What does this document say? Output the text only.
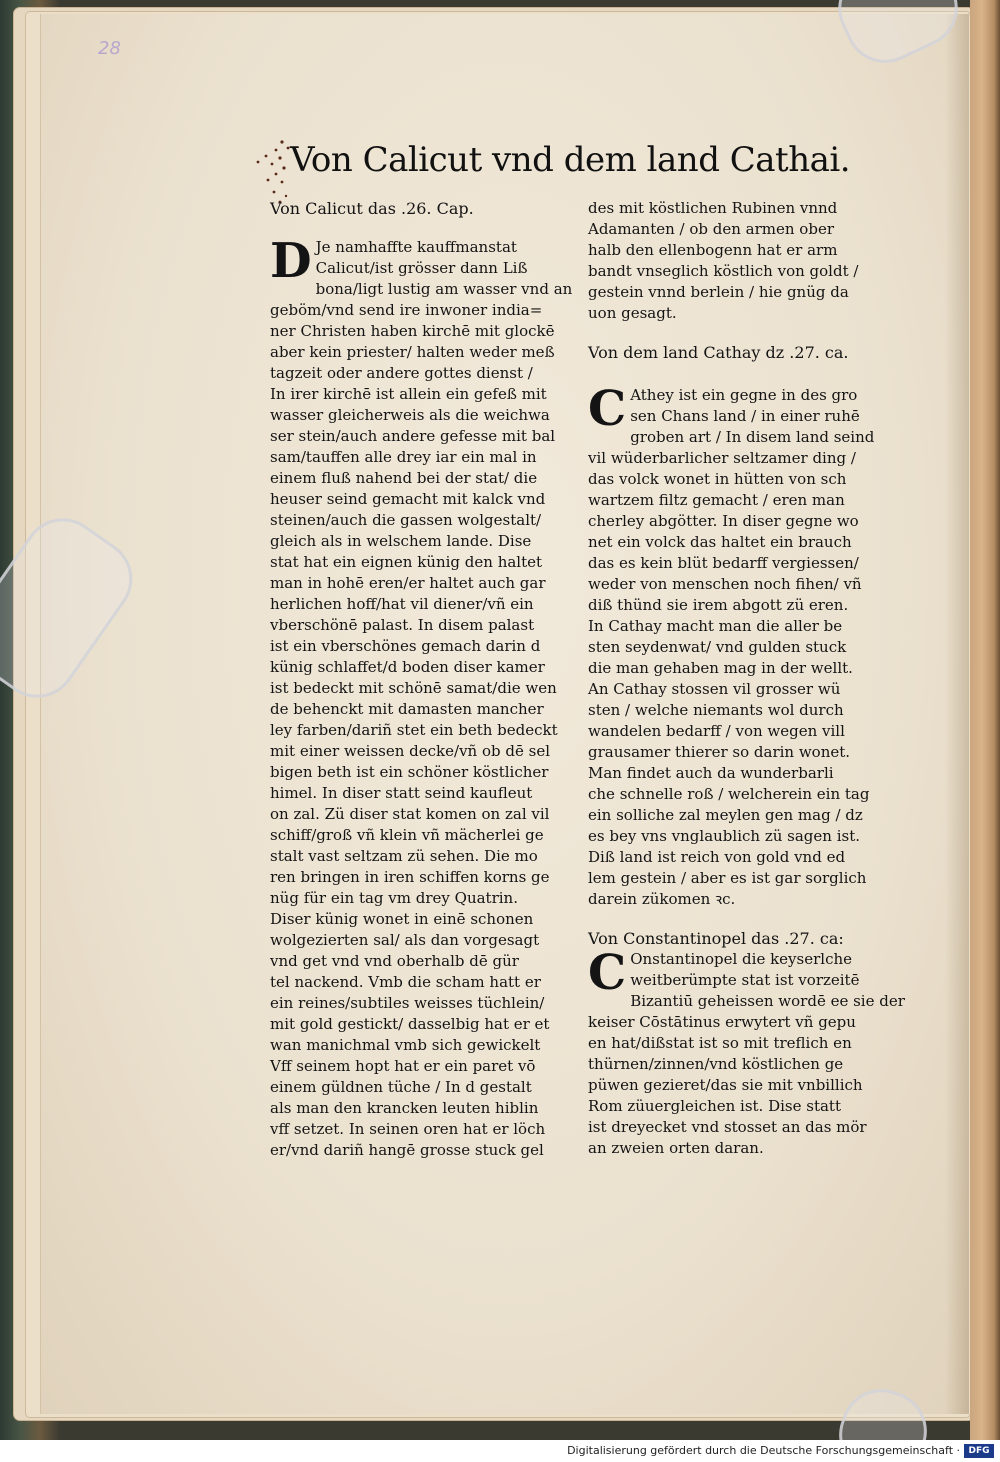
28
Von Calicut vnd dem land Cathai.
Von Calicut das .26. Cap.
D Je namhaffte kauffmanstat
Calicut/ist grösser dann Liß
bona/ligt lustig am wasser vnd an
geböm/vnd send ire inwoner india=
ner Christen haben kirchē mit glockē
aber kein priester/ halten weder meß
tagzeit oder andere gottes dienst /
In irer kirchē ist allein ein gefeß mit
wasser gleicherweis als die weichwa
ser stein/auch andere gefesse mit bal
sam/tauffen alle drey iar ein mal in
einem fluß nahend bei der stat/ die
heuser seind gemacht mit kalck vnd
steinen/auch die gassen wolgestalt/
gleich als in welschem lande. Dise
stat hat ein eignen künig den haltet
man in hohē eren/er haltet auch gar
herlichen hoff/hat vil diener/vñ ein
vberschönē palast. In disem palast
ist ein vberschönes gemach darin d
künig schlaffet/d boden diser kamer
ist bedeckt mit schönē samat/die wen
de behenckt mit damasten mancher
ley farben/dariñ stet ein beth bedeckt
mit einer weissen decke/vñ ob dē sel
bigen beth ist ein schöner köstlicher
himel. In diser statt seind kaufleut
on zal. Zü diser stat komen on zal vil
schiff/groß vñ klein vñ mächerlei ge
stalt vast seltzam zü sehen. Die mo
ren bringen in iren schiffen korns ge
nüg für ein tag vm drey Quatrin.
Diser künig wonet in einē schonen
wolgezierten sal/ als dan vorgesagt
vnd get vnd vnd oberhalb dē gür
tel nackend. Vmb die scham hatt er
ein reines/subtiles weisses tüchlein/
mit gold gestickt/ dasselbig hat er et
wan manichmal vmb sich gewickelt
Vff seinem hopt hat er ein paret vō
einem güldnen tüche / In d gestalt
als man den krancken leuten hiblin
vff setzet. In seinen oren hat er löch
er/vnd dariñ hangē grosse stuck gel
des mit köstlichen Rubinen vnnd
Adamanten / ob den armen ober
halb den ellenbogenn hat er arm
bandt vnseglich köstlich von goldt /
gestein vnnd berlein / hie gnüg da
uon gesagt.
Von dem land Cathay dz .27. ca.
C Athey ist ein gegne in des gro
sen Chans land / in einer ruhē
groben art / In disem land seind
vil wüderbarlicher seltzamer ding /
das volck wonet in hütten von sch
wartzem filtz gemacht / eren man
cherley abgötter. In diser gegne wo
net ein volck das haltet ein brauch
das es kein blüt bedarff vergiessen/
weder von menschen noch fihen/ vñ
diß thünd sie irem abgott zü eren.
In Cathay macht man die aller be
sten seydenwat/ vnd gulden stuck
die man gehaben mag in der wellt.
An Cathay stossen vil grosser wü
sten / welche niemants wol durch
wandelen bedarff / von wegen vill
grausamer thierer so darin wonet.
Man findet auch da wunderbarli
che schnelle roß / welcherein ein tag
ein solliche zal meylen gen mag / dz
es bey vns vnglaublich zü sagen ist.
Diß land ist reich von gold vnd ed
lem gestein / aber es ist gar sorglich
darein zükomen ꝛc.
Von Constantinopel das .27. ca:
C Onstantinopel die keyserlche
weitberümpte stat ist vorzeitē
Bizantiū geheissen wordē ee sie der
keiser Cōstātinus erwytert vñ gepu
en hat/dißstat ist so mit treflich en
thürnen/zinnen/vnd köstlichen ge
püwen gezieret/das sie mit vnbillich
Rom züuergleichen ist. Dise statt
ist dreyecket vnd stosset an das mör
an zweien orten daran.
Digitalisierung gefördert durch die Deutsche Forschungsgemeinschaft · DFG
